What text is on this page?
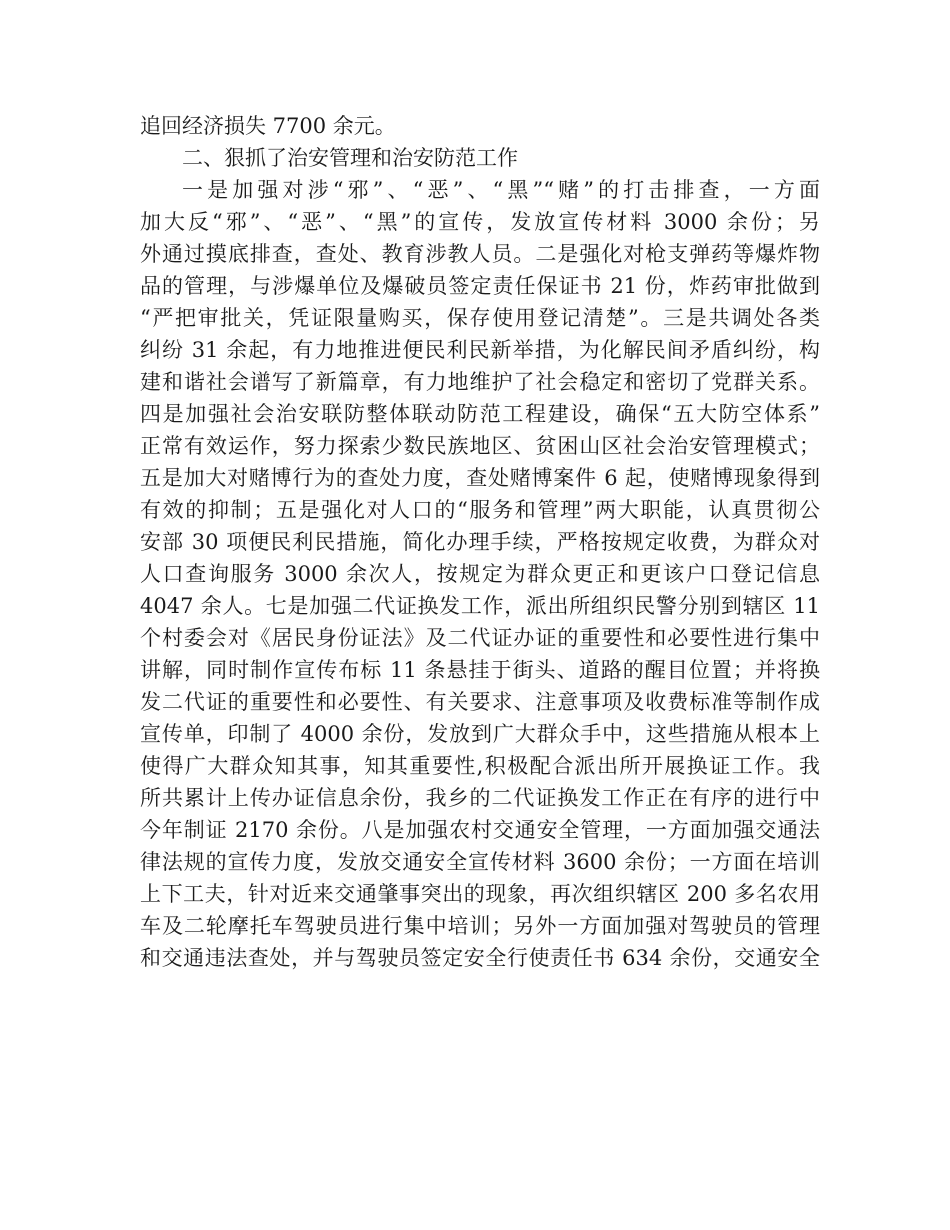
追回经济损失 7700 余元。
二、狠抓了治安管理和治安防范工作
一是加强对涉“邪”、“恶”、“黑”“赌”的打击排查，一方面
加大反“邪”、“恶”、“黑”的宣传，发放宣传材料 3000 余份；另
外通过摸底排查，查处、教育涉教人员。二是强化对枪支弹药等爆炸物
品的管理，与涉爆单位及爆破员签定责任保证书 21 份，炸药审批做到
“严把审批关，凭证限量购买，保存使用登记清楚”。三是共调处各类
纠纷 31 余起，有力地推进便民利民新举措，为化解民间矛盾纠纷，构
建和谐社会谱写了新篇章，有力地维护了社会稳定和密切了党群关系。
四是加强社会治安联防整体联动防范工程建设，确保“五大防空体系”
正常有效运作，努力探索少数民族地区、贫困山区社会治安管理模式；
五是加大对赌博行为的查处力度，查处赌博案件 6 起，使赌博现象得到
有效的抑制；五是强化对人口的“服务和管理”两大职能，认真贯彻公
安部 30 项便民利民措施，简化办理手续，严格按规定收费，为群众对
人口查询服务 3000 余次人，按规定为群众更正和更该户口登记信息
4047 余人。七是加强二代证换发工作，派出所组织民警分别到辖区 11
个村委会对《居民身份证法》及二代证办证的重要性和必要性进行集中
讲解，同时制作宣传布标 11 条悬挂于街头、道路的醒目位置；并将换
发二代证的重要性和必要性、有关要求、注意事项及收费标准等制作成
宣传单，印制了 4000 余份，发放到广大群众手中，这些措施从根本上
使得广大群众知其事，知其重要性,积极配合派出所开展换证工作。我
所共累计上传办证信息余份，我乡的二代证换发工作正在有序的进行中
今年制证 2170 余份。八是加强农村交通安全管理，一方面加强交通法
律法规的宣传力度，发放交通安全宣传材料 3600 余份；一方面在培训
上下工夫，针对近来交通肇事突出的现象，再次组织辖区 200 多名农用
车及二轮摩托车驾驶员进行集中培训；另外一方面加强对驾驶员的管理
和交通违法查处，并与驾驶员签定安全行使责任书 634 余份，交通安全
